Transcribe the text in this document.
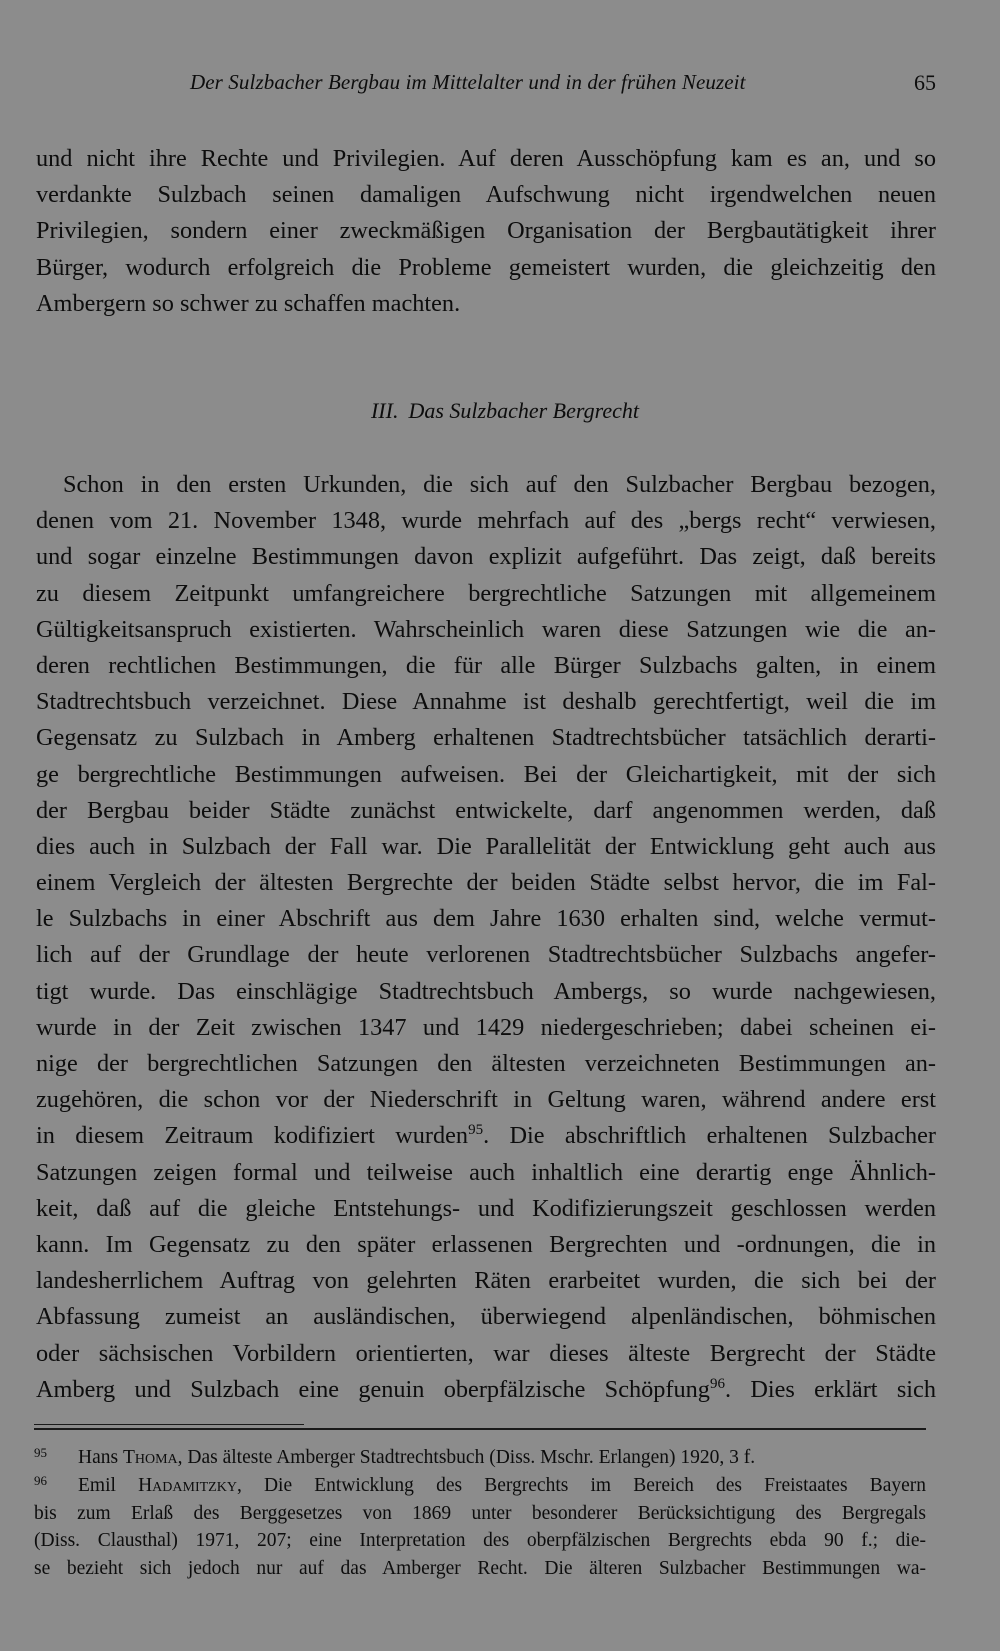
Der Sulzbacher Bergbau im Mittelalter und in der frühen Neuzeit	65
und nicht ihre Rechte und Privilegien. Auf deren Ausschöpfung kam es an, und so
verdankte Sulzbach seinen damaligen Aufschwung nicht irgendwelchen neuen
Privilegien, sondern einer zweckmäßigen Organisation der Bergbautätigkeit ihrer
Bürger, wodurch erfolgreich die Probleme gemeistert wurden, die gleichzeitig den
Ambergern so schwer zu schaffen machten.
III. Das Sulzbacher Bergrecht
Schon in den ersten Urkunden, die sich auf den Sulzbacher Bergbau bezogen,
denen vom 21. November 1348, wurde mehrfach auf des „bergs recht“ verwiesen,
und sogar einzelne Bestimmungen davon explizit aufgeführt. Das zeigt, daß bereits
zu diesem Zeitpunkt umfangreichere bergrechtliche Satzungen mit allgemeinem
Gültigkeitsanspruch existierten. Wahrscheinlich waren diese Satzungen wie die an-
deren rechtlichen Bestimmungen, die für alle Bürger Sulzbachs galten, in einem
Stadtrechtsbuch verzeichnet. Diese Annahme ist deshalb gerechtfertigt, weil die im
Gegensatz zu Sulzbach in Amberg erhaltenen Stadtrechtsbücher tatsächlich derarti-
ge bergrechtliche Bestimmungen aufweisen. Bei der Gleichartigkeit, mit der sich
der Bergbau beider Städte zunächst entwickelte, darf angenommen werden, daß
dies auch in Sulzbach der Fall war. Die Parallelität der Entwicklung geht auch aus
einem Vergleich der ältesten Bergrechte der beiden Städte selbst hervor, die im Fal-
le Sulzbachs in einer Abschrift aus dem Jahre 1630 erhalten sind, welche vermut-
lich auf der Grundlage der heute verlorenen Stadtrechtsbücher Sulzbachs angefer-
tigt wurde. Das einschlägige Stadtrechtsbuch Ambergs, so wurde nachgewiesen,
wurde in der Zeit zwischen 1347 und 1429 niedergeschrieben; dabei scheinen ei-
nige der bergrechtlichen Satzungen den ältesten verzeichneten Bestimmungen an-
zugehören, die schon vor der Niederschrift in Geltung waren, während andere erst
in diesem Zeitraum kodifiziert wurden$^{95}$. Die abschriftlich erhaltenen Sulzbacher
Satzungen zeigen formal und teilweise auch inhaltlich eine derartig enge Ähnlich-
keit, daß auf die gleiche Entstehungs- und Kodifizierungszeit geschlossen werden
kann. Im Gegensatz zu den später erlassenen Bergrechten und -ordnungen, die in
landesherrlichem Auftrag von gelehrten Räten erarbeitet wurden, die sich bei der
Abfassung zumeist an ausländischen, überwiegend alpenländischen, böhmischen
oder sächsischen Vorbildern orientierten, war dieses älteste Bergrecht der Städte
Amberg und Sulzbach eine genuin oberpfälzische Schöpfung$^{96}$. Dies erklärt sich
95 Hans Thoma, Das älteste Amberger Stadtrechtsbuch (Diss. Mschr. Erlangen) 1920, 3 f.
96 Emil Hadamitzky, Die Entwicklung des Bergrechts im Bereich des Freistaates Bayern
bis zum Erlaß des Berggesetzes von 1869 unter besonderer Berücksichtigung des Bergregals
(Diss. Clausthal) 1971, 207; eine Interpretation des oberpfälzischen Bergrechts ebda 90 f.; die-
se bezieht sich jedoch nur auf das Amberger Recht. Die älteren Sulzbacher Bestimmungen wa-
